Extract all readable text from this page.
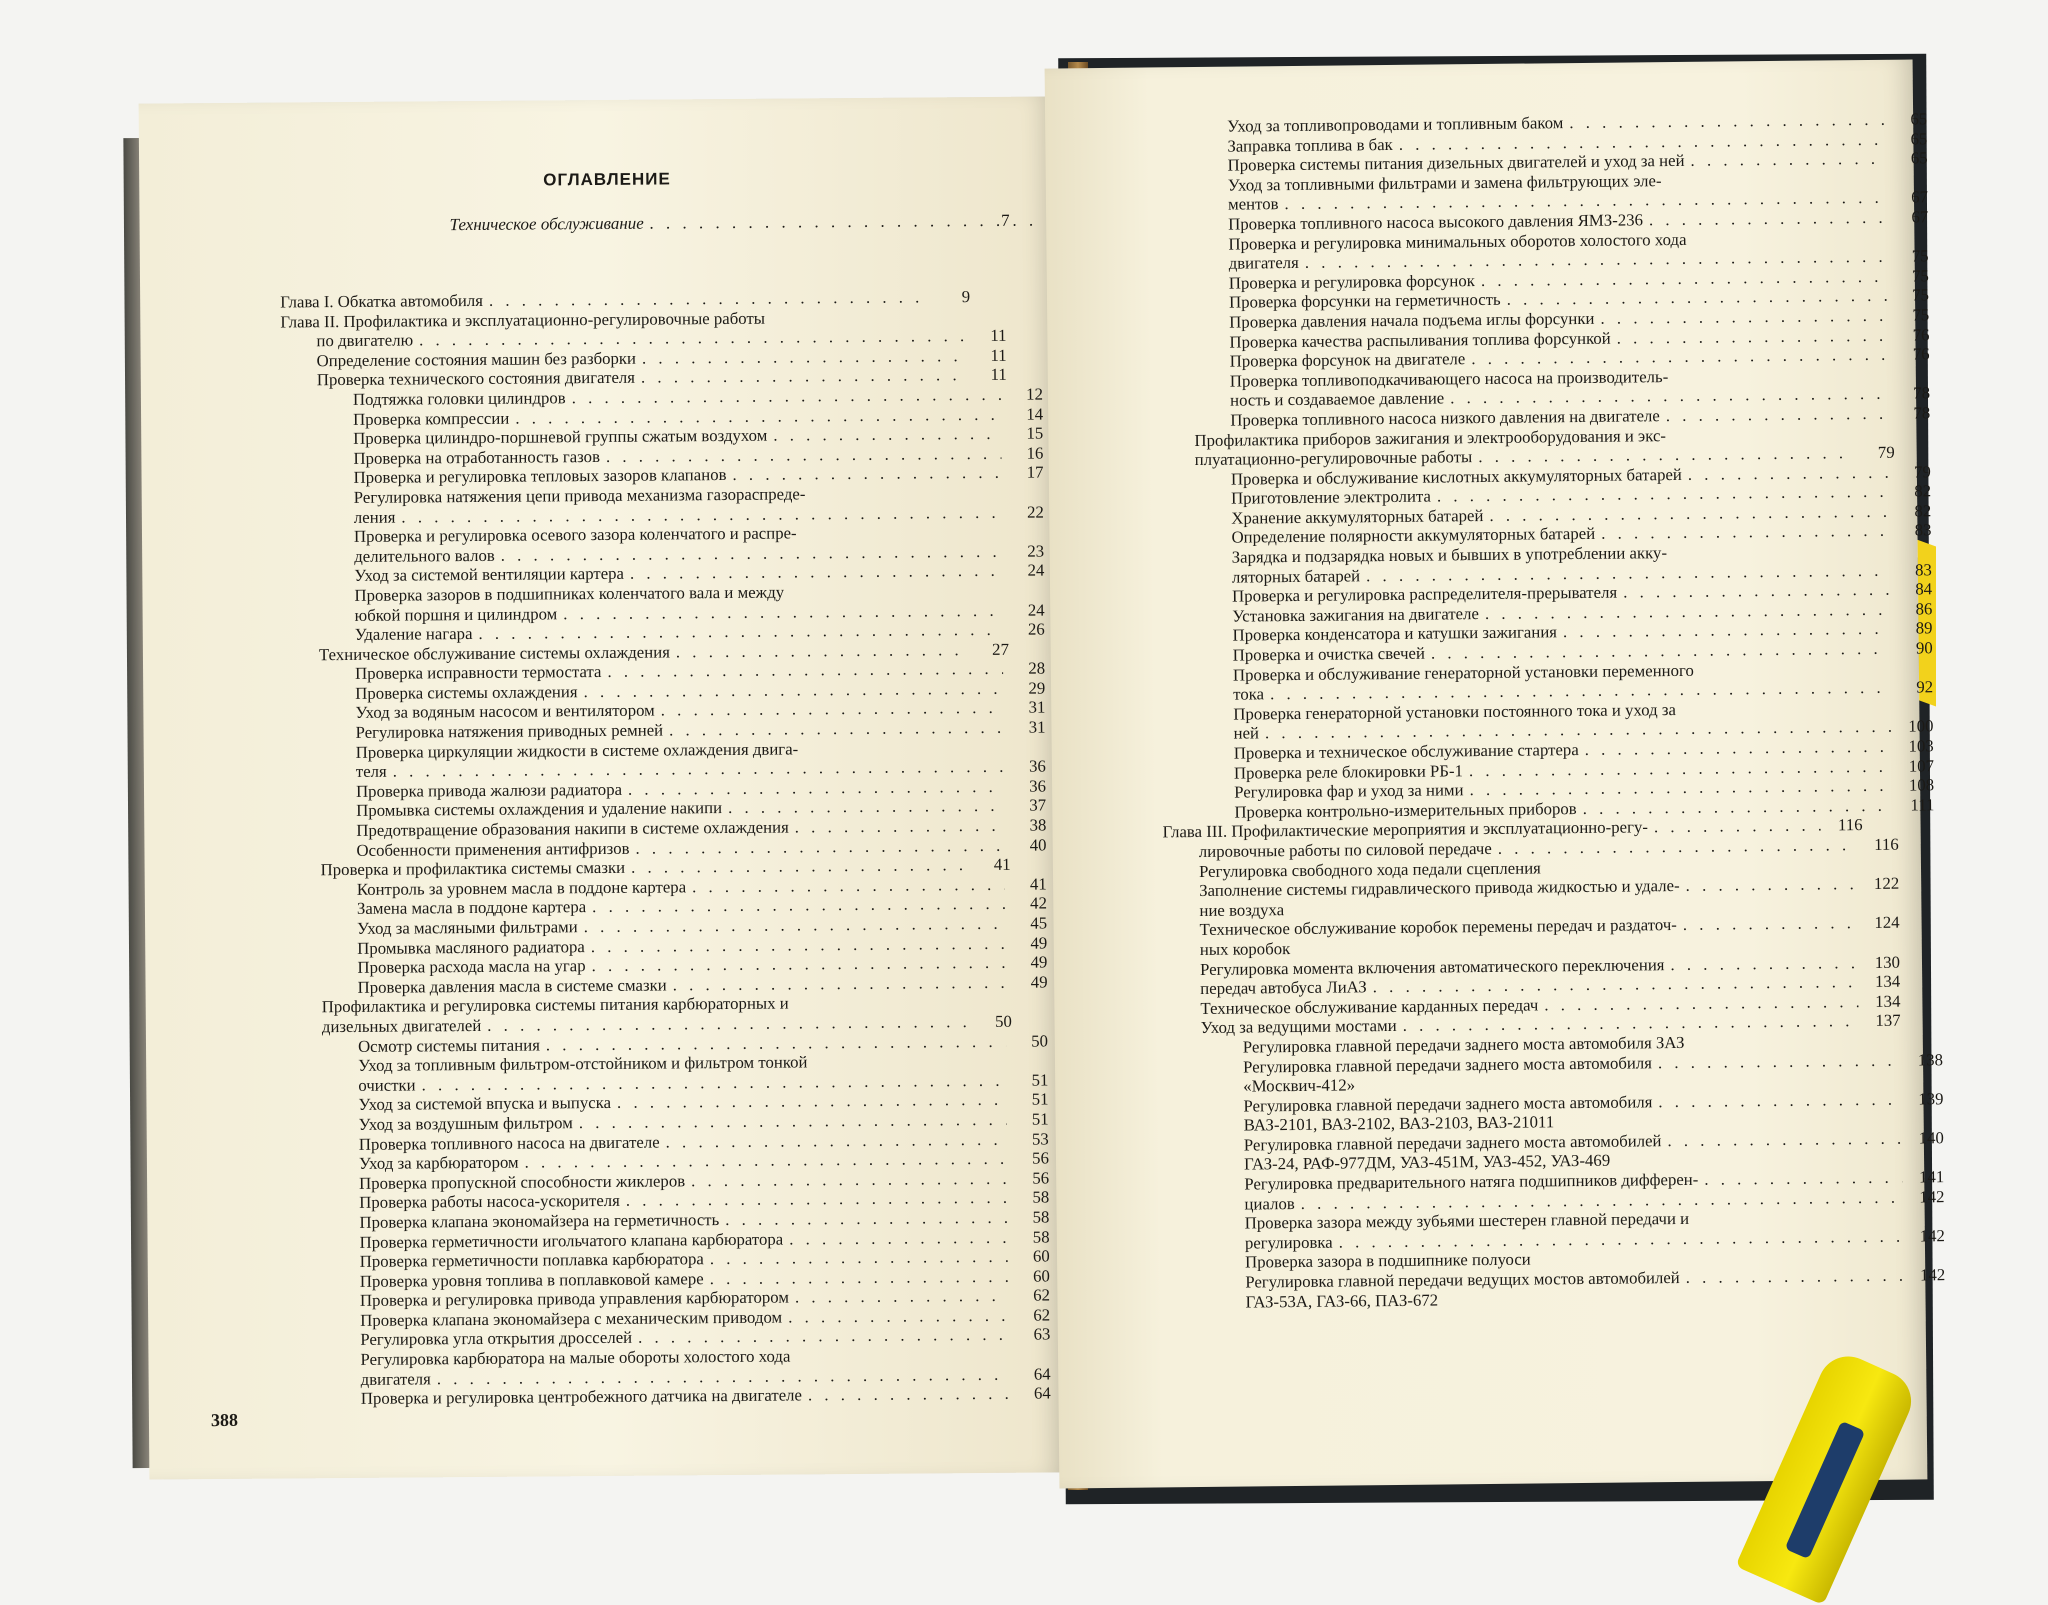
ОГЛАВЛЕНИЕ
Техническое обслуживание . . .	7
Глава I. Обкатка автомобиля . . .	9
Глава II. Профилактика и эксплуатационно-регулировочные работы
по двигателю . . .	11
Определение состояния машин без разборки . . .	11
Проверка технического состояния двигателя . . .	11
Подтяжка головки цилиндров . . .	12
Проверка компрессии . . .	14
Проверка цилиндро-поршневой группы сжатым воздухом . . .	15
Проверка на отработанность газов . . .	16
Проверка и регулировка тепловых зазоров клапанов . . .	17
Регулировка натяжения цепи привода механизма газораспреде-
ления . . .	22
Проверка и регулировка осевого зазора коленчатого и распре-
делительного валов . . .	23
Уход за системой вентиляции картера . . .	24
Проверка зазоров в подшипниках коленчатого вала и между
юбкой поршня и цилиндром . . .	24
Удаление нагара . . .	26
Техническое обслуживание системы охлаждения . . .	27
Проверка исправности термостата . . .	28
Проверка системы охлаждения . . .	29
Уход за водяным насосом и вентилятором . . .	31
Регулировка натяжения приводных ремней . . .	31
Проверка циркуляции жидкости в системе охлаждения двига-
теля . . .	36
Проверка привода жалюзи радиатора . . .	36
Промывка системы охлаждения и удаление накипи . . .	37
Предотвращение образования накипи в системе охлаждения . . .	38
Особенности применения антифризов . . .	40
Проверка и профилактика системы смазки . . .	41
Контроль за уровнем масла в поддоне картера . . .	41
Замена масла в поддоне картера . . .	42
Уход за масляными фильтрами . . .	45
Промывка масляного радиатора . . .	49
Проверка расхода масла на угар . . .	49
Проверка давления масла в системе смазки . . .	49
Профилактика и регулировка системы питания карбюраторных и
дизельных двигателей . . .	50
Осмотр системы питания . . .	50
Уход за топливным фильтром-отстойником и фильтром тонкой
очистки . . .	51
Уход за системой впуска и выпуска . . .	51
Уход за воздушным фильтром . . .	51
Проверка топливного насоса на двигателе . . .	53
Уход за карбюратором . . .	56
Проверка пропускной способности жиклеров . . .	56
Проверка работы насоса-ускорителя . . .	58
Проверка клапана экономайзера на герметичность . . .	58
Проверка герметичности игольчатого клапана карбюратора . . .	58
Проверка герметичности поплавка карбюратора . . .	60
Проверка уровня топлива в поплавковой камере . . .	60
Проверка и регулировка привода управления карбюратором . . .	62
Проверка клапана экономайзера с механическим приводом . . .	62
Регулировка угла открытия дросселей . . .	63
Регулировка карбюратора на малые обороты холостого хода
двигателя . . .	64
Проверка и регулировка центробежного датчика на двигателе . . .	64
388
Уход за топливопроводами и топливным баком . . .	65
Заправка топлива в бак . . .	65
Проверка системы питания дизельных двигателей и уход за ней . . .	65
Уход за топливными фильтрами и замена фильтрующих эле-
ментов . . .	67
Проверка топливного насоса высокого давления ЯМЗ-236 . . .	67
Проверка и регулировка минимальных оборотов холостого хода
двигателя . . .	75
Проверка и регулировка форсунок . . .	75
Проверка форсунки на герметичность . . .	75
Проверка давления начала подъема иглы форсунки . . .	75
Проверка качества распыливания топлива форсункой . . .	76
Проверка форсунок на двигателе . . .	76
Проверка топливоподкачивающего насоса на производитель-
ность и создаваемое давление . . .	78
Проверка топливного насоса низкого давления на двигателе . . .	78
Профилактика приборов зажигания и электрооборудования и экс-
плуатационно-регулировочные работы . . .	79
Проверка и обслуживание кислотных аккумуляторных батарей . . .	79
Приготовление электролита . . .	82
Хранение аккумуляторных батарей . . .	82
Определение полярности аккумуляторных батарей . . .	83
Зарядка и подзарядка новых и бывших в употреблении акку-
ляторных батарей . . .	83
Проверка и регулировка распределителя-прерывателя . . .	84
Установка зажигания на двигателе . . .	86
Проверка конденсатора и катушки зажигания . . .	89
Проверка и очистка свечей . . .	90
Проверка и обслуживание генераторной установки переменного
тока . . .	92
Проверка генераторной установки постоянного тока и уход за
ней . . .	100
Проверка и техническое обслуживание стартера . . .	103
Проверка реле блокировки РБ-1 . . .	107
Регулировка фар и уход за ними . . .	108
Проверка контрольно-измерительных приборов . . .	111
Глава III. Профилактические мероприятия и эксплуатационно-регу- . . .	116
лировочные работы по силовой передаче . . .	116
Регулировка свободного хода педали сцепления
Заполнение системы гидравлического привода жидкостью и удале- . . .	122
ние воздуха
Техническое обслуживание коробок перемены передач и раздаточ- . . .	124
ных коробок
Регулировка момента включения автоматического переключения . . .	130
передач автобуса ЛиАЗ . . .	134
Техническое обслуживание карданных передач . . .	134
Уход за ведущими мостами . . .	137
Регулировка главной передачи заднего моста автомобиля ЗАЗ
Регулировка главной передачи заднего моста автомобиля . . .	138
«Москвич-412»
Регулировка главной передачи заднего моста автомобиля . . .	139
ВАЗ-2101, ВАЗ-2102, ВАЗ-2103, ВАЗ-21011
Регулировка главной передачи заднего моста автомобилей . . .	140
ГАЗ-24, РАФ-977ДМ, УАЗ-451М, УАЗ-452, УАЗ-469
Регулировка предварительного натяга подшипников дифферен- . . .	141
циалов . . .	142
Проверка зазора между зубьями шестерен главной передачи и
регулировка . . .	142
Проверка зазора в подшипнике полуоси
Регулировка главной передачи ведущих мостов автомобилей . . .	142
ГАЗ-53А, ГАЗ-66, ПАЗ-672
